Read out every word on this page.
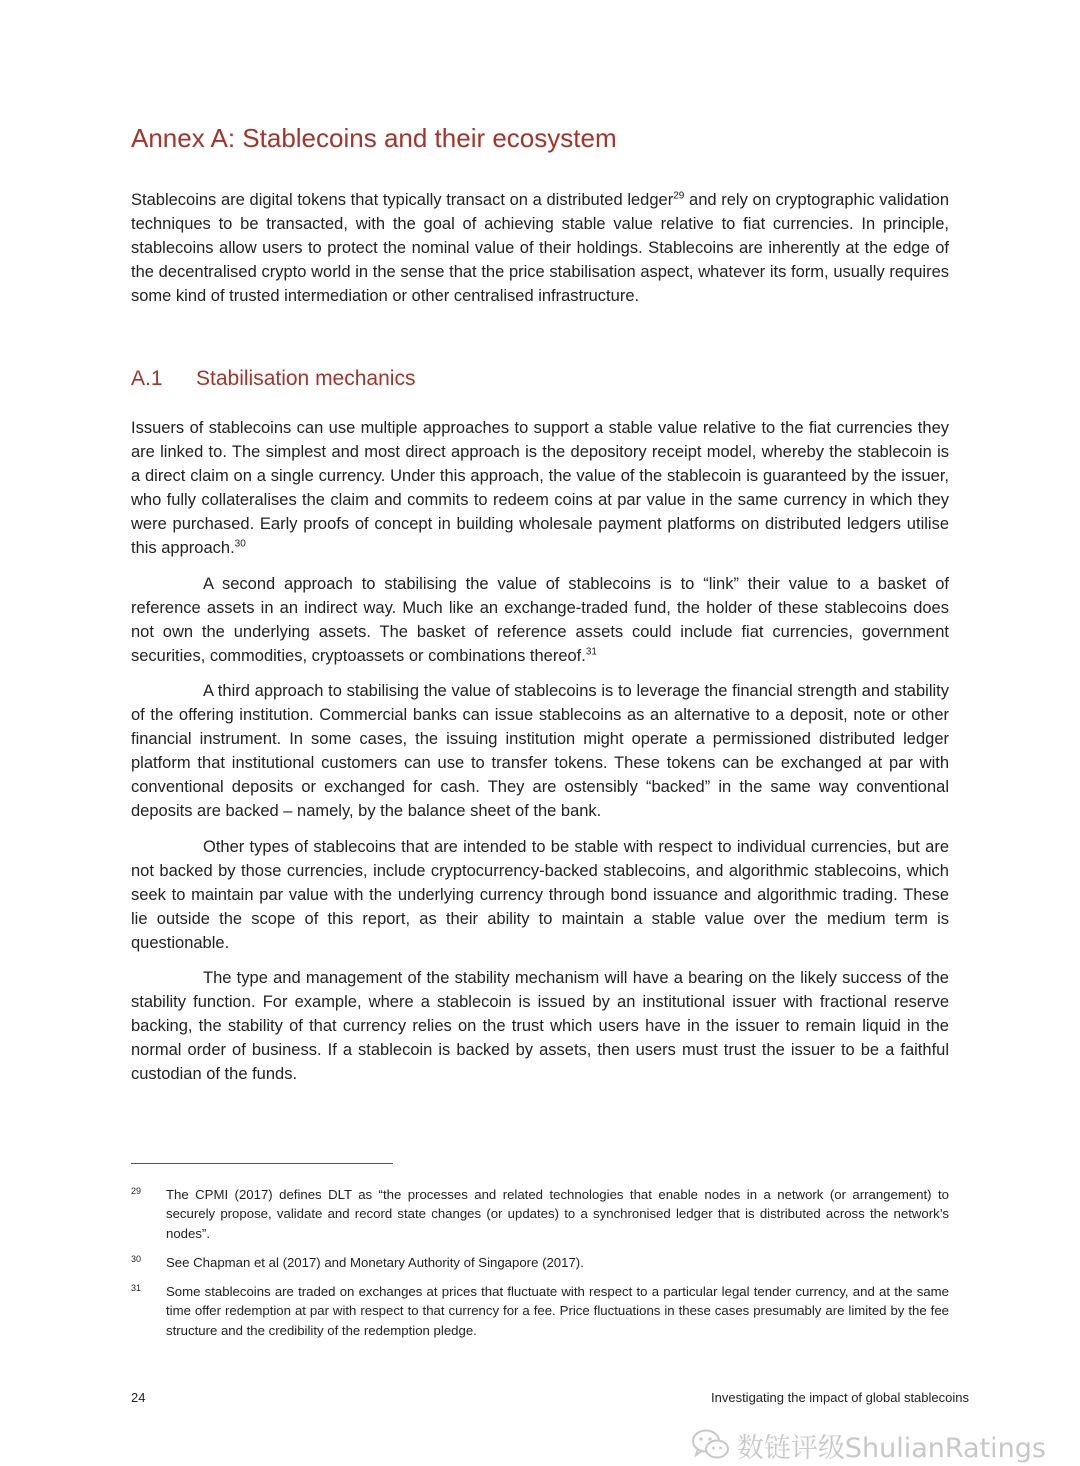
Annex A: Stablecoins and their ecosystem

Stablecoins are digital tokens that typically transact on a distributed ledger$^{29}$ and rely on cryptographic validation techniques to be transacted, with the goal of achieving stable value relative to fiat currencies. In principle, stablecoins allow users to protect the nominal value of their holdings. Stablecoins are inherently at the edge of the decentralised crypto world in the sense that the price stabilisation aspect, whatever its form, usually requires some kind of trusted intermediation or other centralised infrastructure.

A.1 Stabilisation mechanics

Issuers of stablecoins can use multiple approaches to support a stable value relative to the fiat currencies they are linked to. The simplest and most direct approach is the depository receipt model, whereby the stablecoin is a direct claim on a single currency. Under this approach, the value of the stablecoin is guaranteed by the issuer, who fully collateralises the claim and commits to redeem coins at par value in the same currency in which they were purchased. Early proofs of concept in building wholesale payment platforms on distributed ledgers utilise this approach.$^{30}$

A second approach to stabilising the value of stablecoins is to “link” their value to a basket of reference assets in an indirect way. Much like an exchange-traded fund, the holder of these stablecoins does not own the underlying assets. The basket of reference assets could include fiat currencies, government securities, commodities, cryptoassets or combinations thereof.$^{31}$

A third approach to stabilising the value of stablecoins is to leverage the financial strength and stability of the offering institution. Commercial banks can issue stablecoins as an alternative to a deposit, note or other financial instrument. In some cases, the issuing institution might operate a permissioned distributed ledger platform that institutional customers can use to transfer tokens. These tokens can be exchanged at par with conventional deposits or exchanged for cash. They are ostensibly “backed” in the same way conventional deposits are backed – namely, by the balance sheet of the bank.

Other types of stablecoins that are intended to be stable with respect to individual currencies, but are not backed by those currencies, include cryptocurrency-backed stablecoins, and algorithmic stablecoins, which seek to maintain par value with the underlying currency through bond issuance and algorithmic trading. These lie outside the scope of this report, as their ability to maintain a stable value over the medium term is questionable.

The type and management of the stability mechanism will have a bearing on the likely success of the stability function. For example, where a stablecoin is issued by an institutional issuer with fractional reserve backing, the stability of that currency relies on the trust which users have in the issuer to remain liquid in the normal order of business. If a stablecoin is backed by assets, then users must trust the issuer to be a faithful custodian of the funds.

29 The CPMI (2017) defines DLT as “the processes and related technologies that enable nodes in a network (or arrangement) to securely propose, validate and record state changes (or updates) to a synchronised ledger that is distributed across the network’s nodes”.
30 See Chapman et al (2017) and Monetary Authority of Singapore (2017).
31 Some stablecoins are traded on exchanges at prices that fluctuate with respect to a particular legal tender currency, and at the same time offer redemption at par with respect to that currency for a fee. Price fluctuations in these cases presumably are limited by the fee structure and the credibility of the redemption pledge.
24	Investigating the impact of global stablecoins
数链评级ShulianRatings
